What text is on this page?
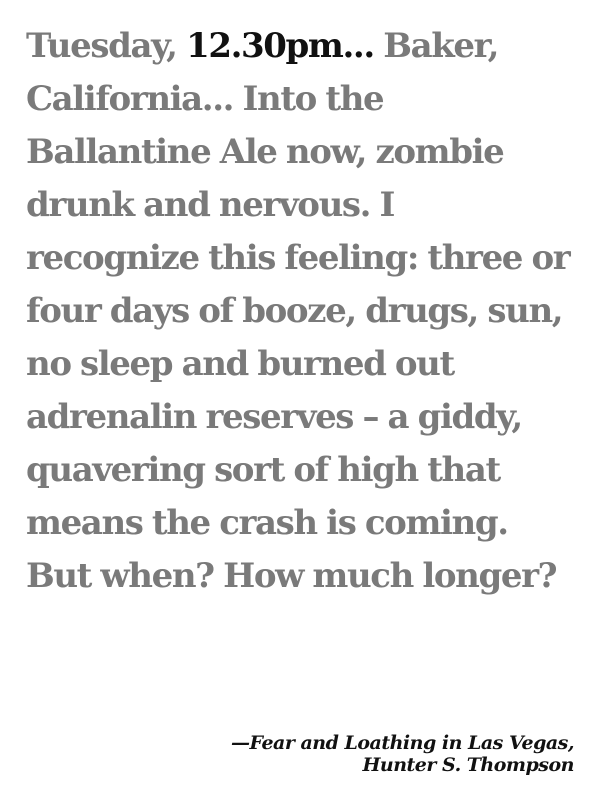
Tuesday, 12.30pm... Baker, California... Into the Ballantine Ale now, zombie drunk and nervous. I recognize this feeling: three or four days of booze, drugs, sun, no sleep and burned out adrenalin reserves – a giddy, quavering sort of high that means the crash is coming. But when? How much longer?

—Fear and Loathing in Las Vegas,
Hunter S. Thompson
